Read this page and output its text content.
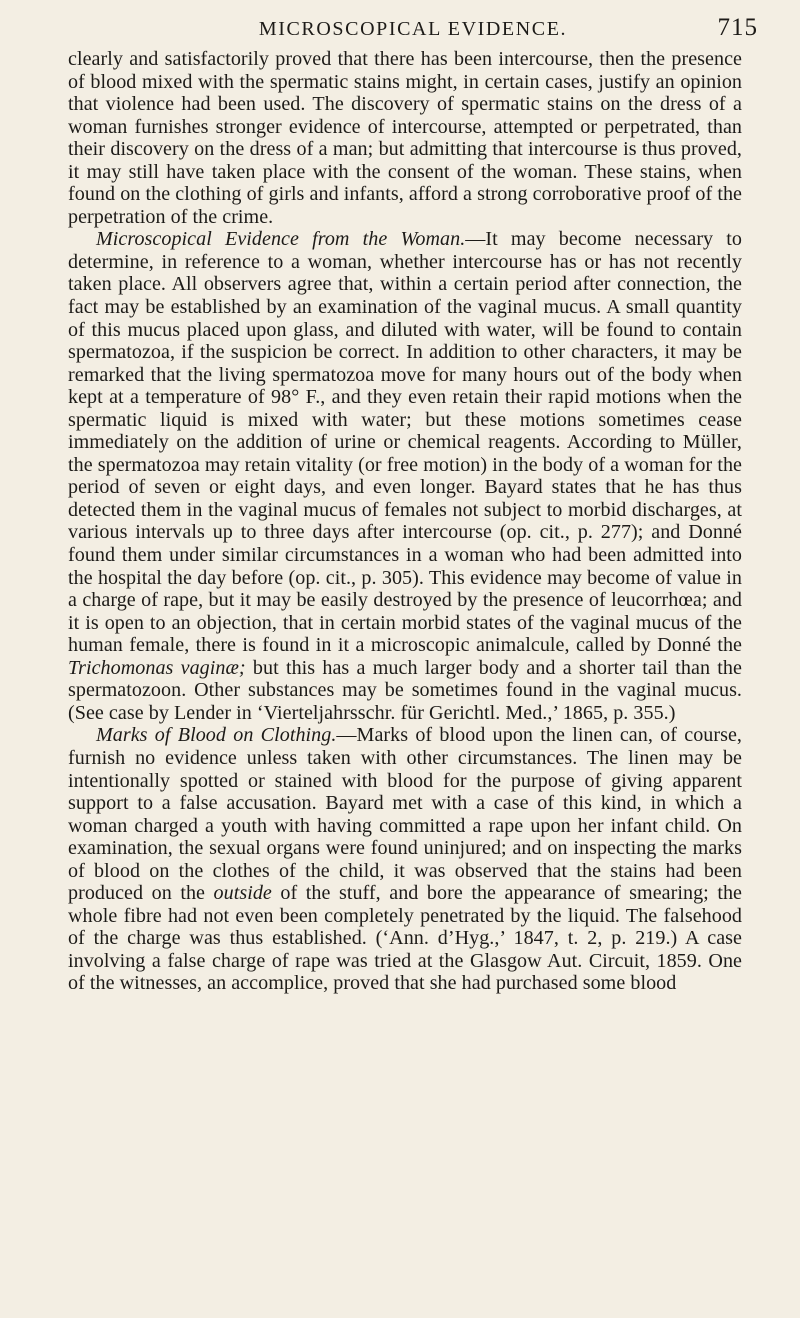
MICROSCOPICAL EVIDENCE.	715

clearly and satisfactorily proved that there has been intercourse, then the presence of blood mixed with the spermatic stains might, in certain cases, justify an opinion that violence had been used. The discovery of spermatic stains on the dress of a woman furnishes stronger evidence of intercourse, attempted or perpetrated, than their discovery on the dress of a man; but admitting that intercourse is thus proved, it may still have taken place with the consent of the woman. These stains, when found on the clothing of girls and infants, afford a strong corroborative proof of the perpetration of the crime.

Microscopical Evidence from the Woman.—It may become necessary to determine, in reference to a woman, whether intercourse has or has not recently taken place. All observers agree that, within a certain period after connection, the fact may be established by an examination of the vaginal mucus. A small quantity of this mucus placed upon glass, and diluted with water, will be found to contain spermatozoa, if the suspicion be correct. In addition to other characters, it may be remarked that the living spermatozoa move for many hours out of the body when kept at a temperature of 98° F., and they even retain their rapid motions when the spermatic liquid is mixed with water; but these motions sometimes cease immediately on the addition of urine or chemical reagents. According to Müller, the spermatozoa may retain vitality (or free motion) in the body of a woman for the period of seven or eight days, and even longer. Bayard states that he has thus detected them in the vaginal mucus of females not subject to morbid discharges, at various intervals up to three days after intercourse (op. cit., p. 277); and Donné found them under similar circumstances in a woman who had been admitted into the hospital the day before (op. cit., p. 305). This evidence may become of value in a charge of rape, but it may be easily destroyed by the presence of leucorrhœa; and it is open to an objection, that in certain morbid states of the vaginal mucus of the human female, there is found in it a microscopic animalcule, called by Donné the Trichomonas vaginæ; but this has a much larger body and a shorter tail than the spermatozoon. Other substances may be sometimes found in the vaginal mucus. (See case by Lender in ‘Vierteljahrsschr. für Gerichtl. Med.,’ 1865, p. 355.)

Marks of Blood on Clothing.—Marks of blood upon the linen can, of course, furnish no evidence unless taken with other circumstances. The linen may be intentionally spotted or stained with blood for the purpose of giving apparent support to a false accusation. Bayard met with a case of this kind, in which a woman charged a youth with having committed a rape upon her infant child. On examination, the sexual organs were found uninjured; and on inspecting the marks of blood on the clothes of the child, it was observed that the stains had been produced on the outside of the stuff, and bore the appearance of smearing; the whole fibre had not even been completely penetrated by the liquid. The falsehood of the charge was thus established. (‘Ann. d’Hyg.,’ 1847, t. 2, p. 219.) A case involving a false charge of rape was tried at the Glasgow Aut. Circuit, 1859. One of the witnesses, an accomplice, proved that she had purchased some blood
